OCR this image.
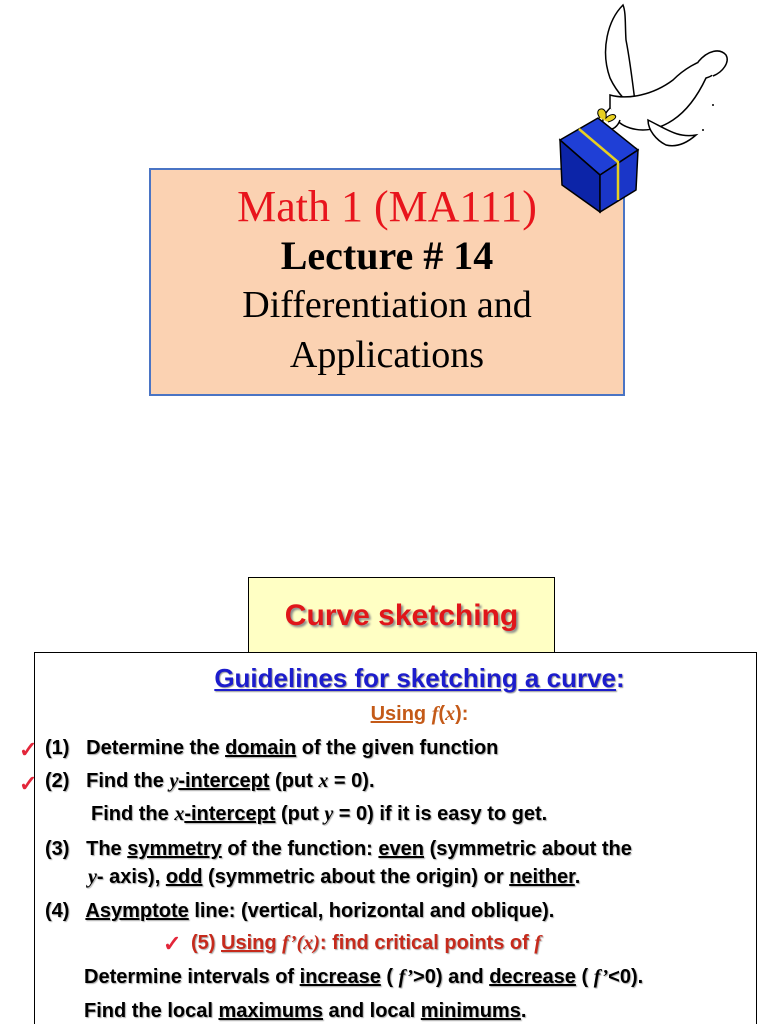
Math 1 (MA111)
Lecture # 14
Differentiation and
Applications
Curve sketching
Guidelines for sketching a curve:
Using f(x):
✓ (1) Determine the domain of the given function
✓ (2) Find the y-intercept (put x = 0).
Find the x-intercept (put y = 0) if it is easy to get.
(3) The symmetry of the function: even (symmetric about the
y- axis), odd (symmetric about the origin) or neither.
(4) Asymptote line: (vertical, horizontal and oblique).
✓ (5) Using f’(x): find critical points of f
Determine intervals of increase ( f’>0) and decrease ( f’<0).
Find the local maximums and local minimums.
